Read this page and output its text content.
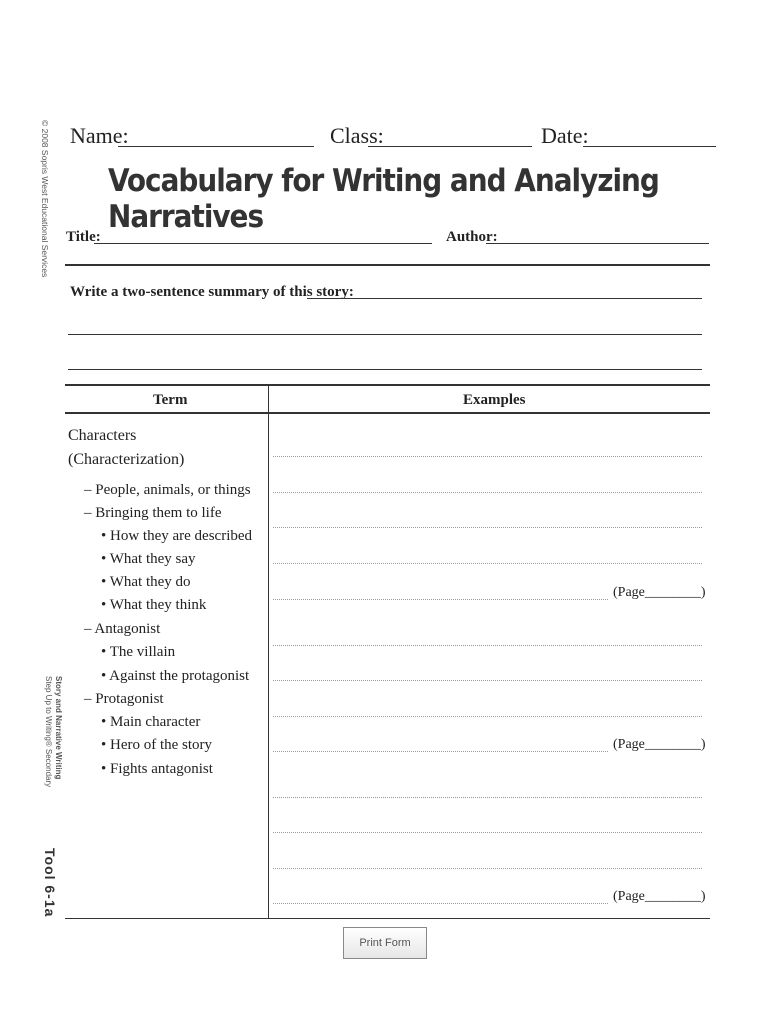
© 2008 Sopris West Educational Services
Story and Narrative Writing
Step Up to Writing® Secondary
Tool 6-1a
Name:	Class:	Date:
Vocabulary for Writing and Analyzing Narratives
Title:	Author:
Write a two-sentence summary of this story:
Term	Examples
Characters
(Characterization)
– People, animals, or things
– Bringing them to life
• How they are described
• What they say
• What they do
• What they think
– Antagonist
• The villain
• Against the protagonist
– Protagonist
• Main character
• Hero of the story
• Fights antagonist
(Page________)
(Page________)
(Page________)
Print Form
